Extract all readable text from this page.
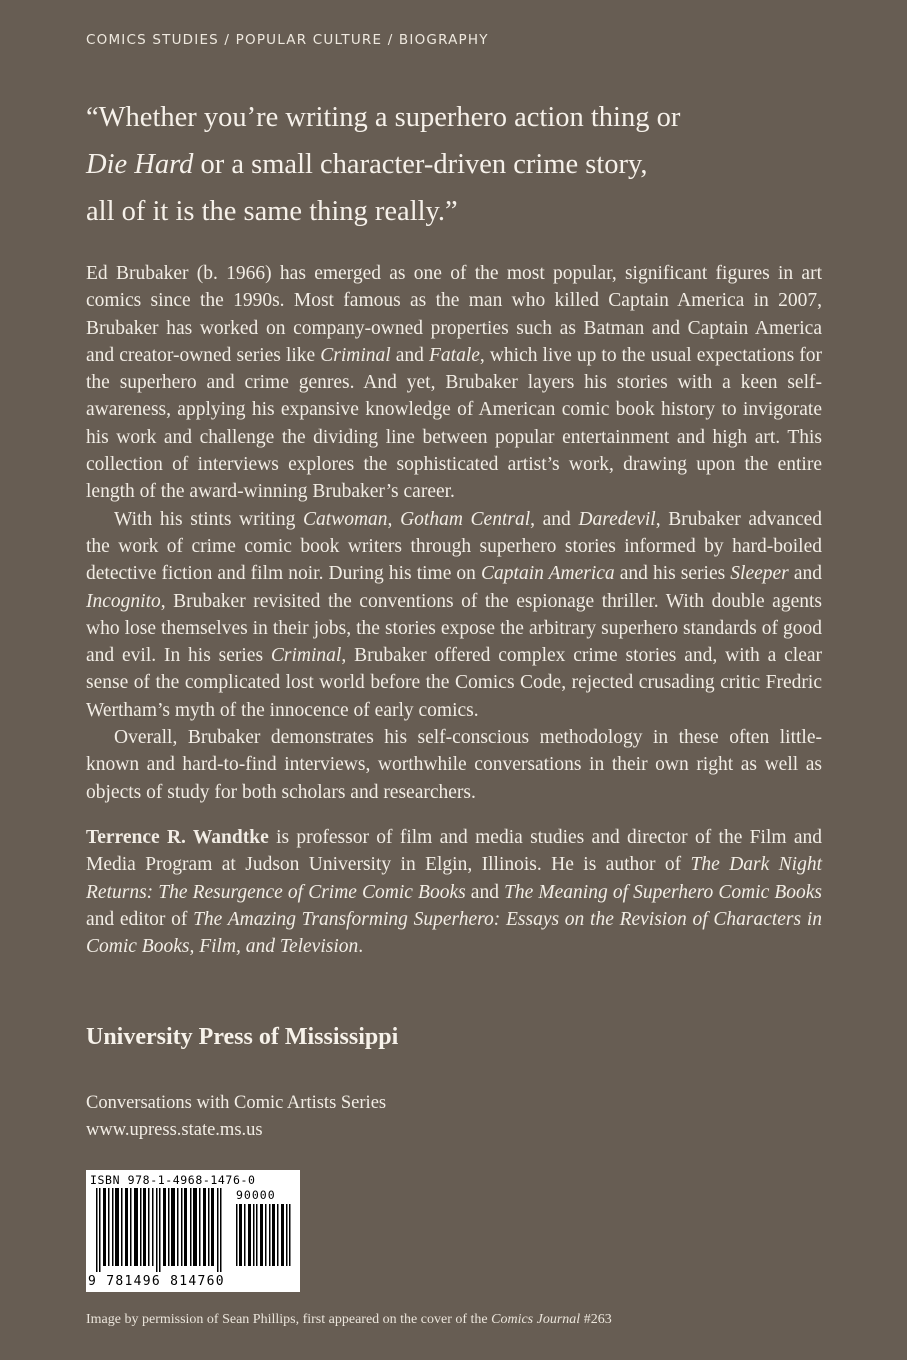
COMICS STUDIES / POPULAR CULTURE / BIOGRAPHY

“Whether you’re writing a superhero action thing or

Die Hard or a small character-driven crime story,

all of it is the same thing really.”

Ed Brubaker (b. 1966) has emerged as one of the most popular, significant figures in art comics since the 1990s. Most famous as the man who killed Captain America in 2007, Brubaker has worked on company-owned properties such as Batman and Captain America and creator-owned series like Criminal and Fatale, which live up to the usual expectations for the superhero and crime genres. And yet, Brubaker layers his stories with a keen self-awareness, applying his expansive knowledge of American comic book history to invigorate his work and challenge the dividing line between popular entertainment and high art. This collection of interviews explores the sophisticated artist’s work, drawing upon the entire length of the award-winning Brubaker’s career.

With his stints writing Catwoman, Gotham Central, and Daredevil, Brubaker advanced the work of crime comic book writers through superhero stories informed by hard-boiled detective fiction and film noir. During his time on Captain America and his series Sleeper and Incognito, Brubaker revisited the conventions of the espionage thriller. With double agents who lose themselves in their jobs, the stories expose the arbitrary superhero standards of good and evil. In his series Criminal, Brubaker offered complex crime stories and, with a clear sense of the complicated lost world before the Comics Code, rejected crusading critic Fredric Wertham’s myth of the innocence of early comics.

Overall, Brubaker demonstrates his self-conscious methodology in these often little-known and hard-to-find interviews, worthwhile conversations in their own right as well as objects of study for both scholars and researchers.

Terrence R. Wandtke is professor of film and media studies and director of the Film and Media Program at Judson University in Elgin, Illinois. He is author of The Dark Night Returns: The Resurgence of Crime Comic Books and The Meaning of Superhero Comic Books and editor of The Amazing Transforming Superhero: Essays on the Revision of Characters in Comic Books, Film, and Television.

University Press of Mississippi
Conversations with Comic Artists Series
www.upress.state.ms.us
ISBN 978-1-4968-1476-0
90000
9 781496 814760
Image by permission of Sean Phillips, first appeared on the cover of the Comics Journal #263
